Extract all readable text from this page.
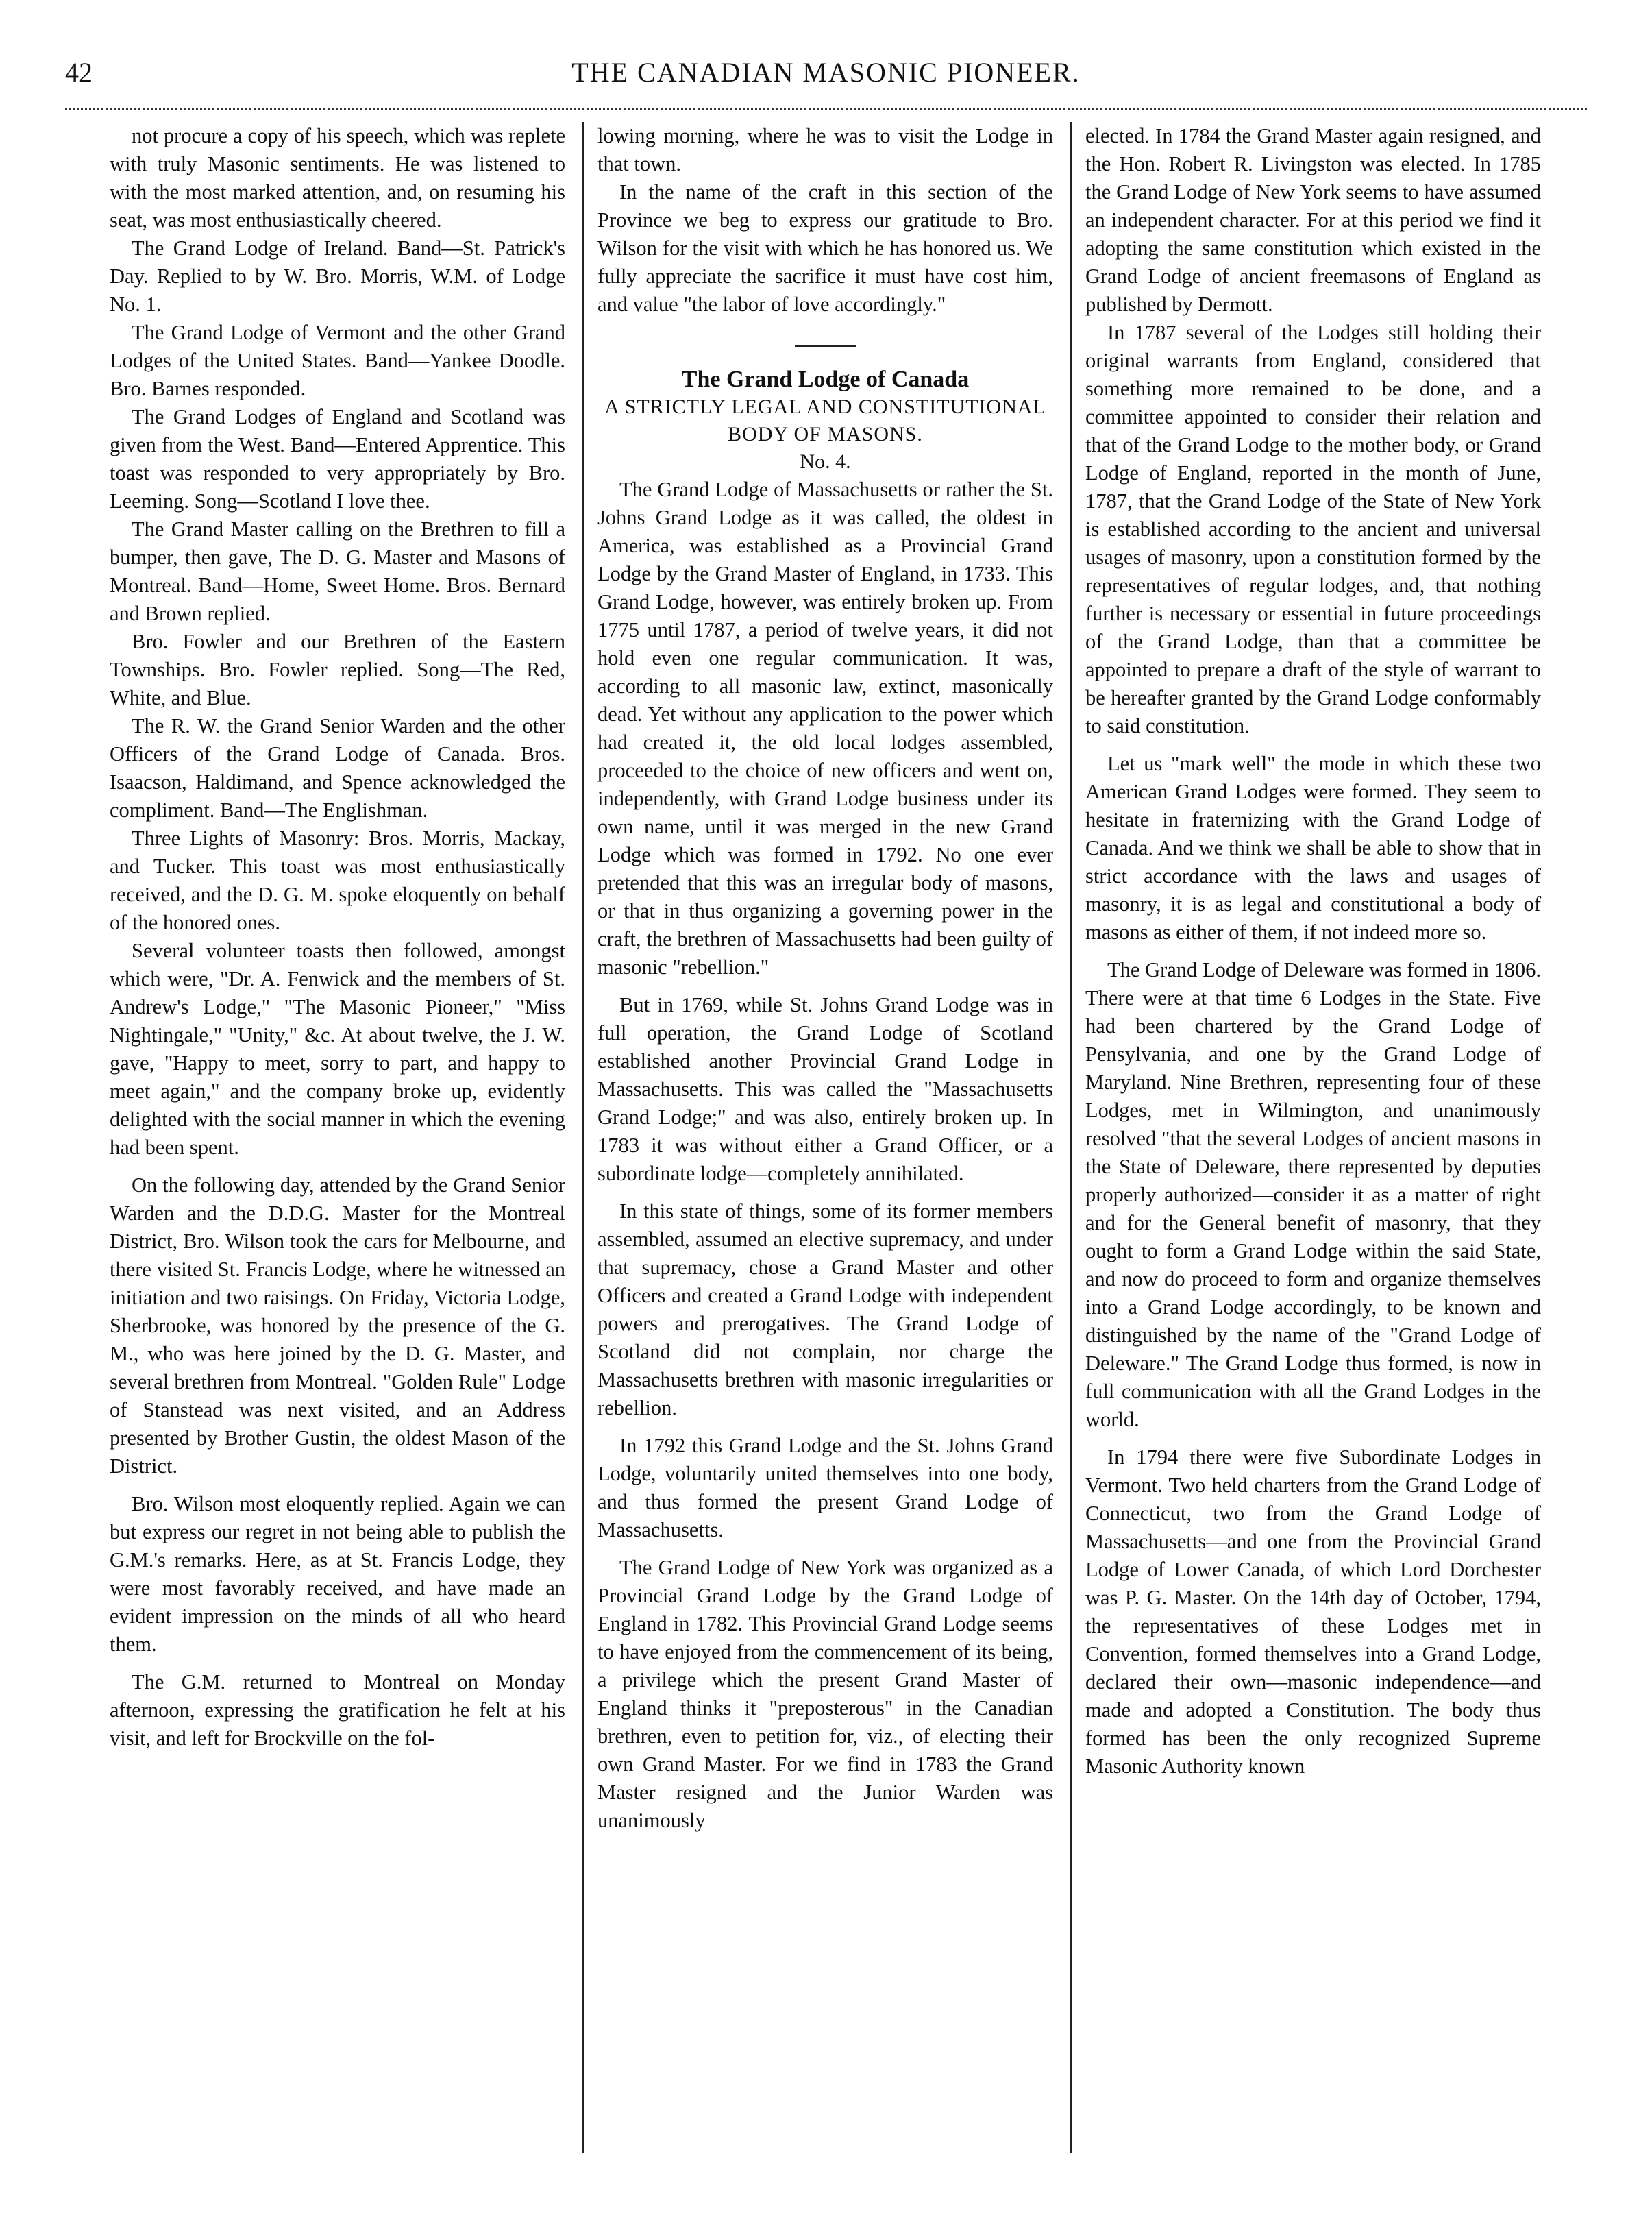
42	THE CANADIAN MASONIC PIONEER.

not procure a copy of his speech, which was replete with truly Masonic sentiments. He was listened to with the most marked attention, and, on resuming his seat, was most enthusiastically cheered.

The Grand Lodge of Ireland. Band—St. Patrick's Day. Replied to by W. Bro. Morris, W.M. of Lodge No. 1.

The Grand Lodge of Vermont and the other Grand Lodges of the United States. Band—Yankee Doodle. Bro. Barnes responded.

The Grand Lodges of England and Scotland was given from the West. Band—Entered Apprentice. This toast was responded to very appropriately by Bro. Leeming. Song—Scotland I love thee.

The Grand Master calling on the Brethren to fill a bumper, then gave, The D. G. Master and Masons of Montreal. Band—Home, Sweet Home. Bros. Bernard and Brown replied.

Bro. Fowler and our Brethren of the Eastern Townships. Bro. Fowler replied. Song—The Red, White, and Blue.

The R. W. the Grand Senior Warden and the other Officers of the Grand Lodge of Canada. Bros. Isaacson, Haldimand, and Spence acknowledged the compliment. Band—The Englishman.

Three Lights of Masonry: Bros. Morris, Mackay, and Tucker. This toast was most enthusiastically received, and the D. G. M. spoke eloquently on behalf of the honored ones.

Several volunteer toasts then followed, amongst which were, "Dr. A. Fenwick and the members of St. Andrew's Lodge," "The Masonic Pioneer," "Miss Nightingale," "Unity," &c. At about twelve, the J. W. gave, "Happy to meet, sorry to part, and happy to meet again," and the company broke up, evidently delighted with the social manner in which the evening had been spent.

On the following day, attended by the Grand Senior Warden and the D.D.G. Master for the Montreal District, Bro. Wilson took the cars for Melbourne, and there visited St. Francis Lodge, where he witnessed an initiation and two raisings. On Friday, Victoria Lodge, Sherbrooke, was honored by the presence of the G. M., who was here joined by the D. G. Master, and several brethren from Montreal. "Golden Rule" Lodge of Stanstead was next visited, and an Address presented by Brother Gustin, the oldest Mason of the District.

Bro. Wilson most eloquently replied. Again we can but express our regret in not being able to publish the G.M.'s remarks. Here, as at St. Francis Lodge, they were most favorably received, and have made an evident impression on the minds of all who heard them.

The G.M. returned to Montreal on Monday afternoon, expressing the gratification he felt at his visit, and left for Brockville on the fol-

lowing morning, where he was to visit the Lodge in that town.

In the name of the craft in this section of the Province we beg to express our gratitude to Bro. Wilson for the visit with which he has honored us. We fully appreciate the sacrifice it must have cost him, and value "the labor of love accordingly."

The Grand Lodge of Canada

A STRICTLY LEGAL AND CONSTITUTIONAL BODY OF MASONS.

No. 4.

The Grand Lodge of Massachusetts or rather the St. Johns Grand Lodge as it was called, the oldest in America, was established as a Provincial Grand Lodge by the Grand Master of England, in 1733. This Grand Lodge, however, was entirely broken up. From 1775 until 1787, a period of twelve years, it did not hold even one regular communication. It was, according to all masonic law, extinct, masonically dead. Yet without any application to the power which had created it, the old local lodges assembled, proceeded to the choice of new officers and went on, independently, with Grand Lodge business under its own name, until it was merged in the new Grand Lodge which was formed in 1792. No one ever pretended that this was an irregular body of masons, or that in thus organizing a governing power in the craft, the brethren of Massachusetts had been guilty of masonic "rebellion."

But in 1769, while St. Johns Grand Lodge was in full operation, the Grand Lodge of Scotland established another Provincial Grand Lodge in Massachusetts. This was called the "Massachusetts Grand Lodge;" and was also, entirely broken up. In 1783 it was without either a Grand Officer, or a subordinate lodge—completely annihilated.

In this state of things, some of its former members assembled, assumed an elective supremacy, and under that supremacy, chose a Grand Master and other Officers and created a Grand Lodge with independent powers and prerogatives. The Grand Lodge of Scotland did not complain, nor charge the Massachusetts brethren with masonic irregularities or rebellion.

In 1792 this Grand Lodge and the St. Johns Grand Lodge, voluntarily united themselves into one body, and thus formed the present Grand Lodge of Massachusetts.

The Grand Lodge of New York was organized as a Provincial Grand Lodge by the Grand Lodge of England in 1782. This Provincial Grand Lodge seems to have enjoyed from the commencement of its being, a privilege which the present Grand Master of England thinks it "preposterous" in the Canadian brethren, even to petition for, viz., of electing their own Grand Master. For we find in 1783 the Grand Master resigned and the Junior Warden was unanimously

elected. In 1784 the Grand Master again resigned, and the Hon. Robert R. Livingston was elected. In 1785 the Grand Lodge of New York seems to have assumed an independent character. For at this period we find it adopting the same constitution which existed in the Grand Lodge of ancient freemasons of England as published by Dermott.

In 1787 several of the Lodges still holding their original warrants from England, considered that something more remained to be done, and a committee appointed to consider their relation and that of the Grand Lodge to the mother body, or Grand Lodge of England, reported in the month of June, 1787, that the Grand Lodge of the State of New York is established according to the ancient and universal usages of masonry, upon a constitution formed by the representatives of regular lodges, and, that nothing further is necessary or essential in future proceedings of the Grand Lodge, than that a committee be appointed to prepare a draft of the style of warrant to be hereafter granted by the Grand Lodge conformably to said constitution.

Let us "mark well" the mode in which these two American Grand Lodges were formed. They seem to hesitate in fraternizing with the Grand Lodge of Canada. And we think we shall be able to show that in strict accordance with the laws and usages of masonry, it is as legal and constitutional a body of masons as either of them, if not indeed more so.

The Grand Lodge of Deleware was formed in 1806. There were at that time 6 Lodges in the State. Five had been chartered by the Grand Lodge of Pensylvania, and one by the Grand Lodge of Maryland. Nine Brethren, representing four of these Lodges, met in Wilmington, and unanimously resolved "that the several Lodges of ancient masons in the State of Deleware, there represented by deputies properly authorized—consider it as a matter of right and for the General benefit of masonry, that they ought to form a Grand Lodge within the said State, and now do proceed to form and organize themselves into a Grand Lodge accordingly, to be known and distinguished by the name of the "Grand Lodge of Deleware." The Grand Lodge thus formed, is now in full communication with all the Grand Lodges in the world.

In 1794 there were five Subordinate Lodges in Vermont. Two held charters from the Grand Lodge of Connecticut, two from the Grand Lodge of Massachusetts—and one from the Provincial Grand Lodge of Lower Canada, of which Lord Dorchester was P. G. Master. On the 14th day of October, 1794, the representatives of these Lodges met in Convention, formed themselves into a Grand Lodge, declared their own—masonic independence—and made and adopted a Constitution. The body thus formed has been the only recognized Supreme Masonic Authority known
